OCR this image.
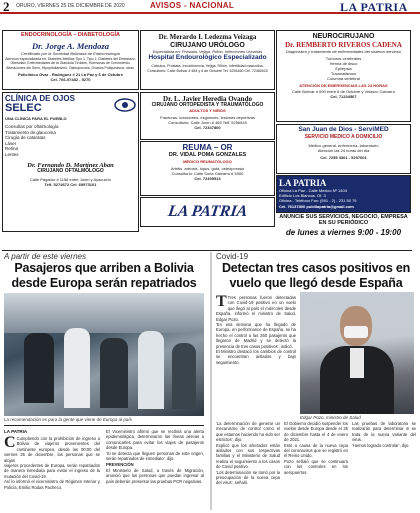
2 ORURO, VIERNES 25 DE DICIEMBRE DE 2020	AVISOS - NACIONAL	LA PATRIA
ENDOCRINOLOGÍA – DIABETOLOGÍA
Dr. Jorge A. Mendoza
Certificado por la Sociedad Boliviana de Endocrinología
Atención especializada en: Diabetes Mellitus Tipo 1, Tipo 2, Diabetes del Embarazo,
Obesidad, Enfermedades de la Glándula Tiroides, Hormonas de Crecimiento,
Alteraciones del Sexo, Hipopituitarismo, Osteoporosis, Ovarios Poliquísticos, otras.
Policlínico Ovar - Rodríguez # 21 La Paz y 6 de Octubre
Cel. 766-97482 - 5270
Dr. Merardo I. Ledezma Veizaga
CIRUJANO URÓLOGO
Especialista en: Próstata, Vejiga, Riñón, Infecciones Urinarias
Hospital Endourológico Especializado
Cálculos, Próstata, Incontinencia, Vejiga, Riñón, Infertilidad masculina.
Consultorio: Calle Bolivar # 484 y 6 de Octubre Tel. 5254460 Cel. 72480020
NEUROCIRUJANO
Dr. REMBERTO RIVEROS CADENA
Diagnóstico y tratamiento de enfermedades del sistema nervioso
Tumores cerebrales
Hernia de disco
Epilepsia
Traumatismos
Columna vertebral
ATENCIÓN DE EMERGENCIAS LAS 24 HORAS
Calle Bolívar # 690 entre 6 de Octubre y Velasco Galvarro
Cel. 71234567
CLÍNICA DE OJOS
SELEC
UNA CLÍNICA PARA EL PUEBLO
Consultas por oftalmología
Tratamiento de glaucoma
Cirugía de cataratas
Láser
Retina
Lentes
Dr. Fernando D. Martínez Aban
CIRUJANO OFTALMÓLOGO
Calle Pagador # 1156 entre Junín y Ayacucho
Telf. 5274672 Cel. 69973101
Dr. L. Javier Heredia Ovando
CIRUJANO ORTOPEDISTA Y TRAUMATÓLOGO
ADULTOS Y NIÑOS
Fracturas, luxaciones, esguinces, lesiones deportivas
Consultorio: Calle Junín # 465 Telf. 5256545
Cel. 72347800	San Juan de Dios - ServiMED
SERVICIO MEDICO A DOMICILIO
Médico general, enfermería, laboratorio
Atención las 24 horas del día
Cel. 7255 3361 - 5257001
REUMA – OR
DR. VIDAL POMA GONZALES
MÉDICO REUMATÓLOGO
Artritis, artrosis, lupus, gota, osteoporosis
Consultorio: Calle Soria Galvarro # 5300
Cel. 72495513	LA PATRIA
Oficina La Paz - Calle Mexico Nº 1403
Edificio Los Blancos, Of. 3
Oficina - Teléfono Fax: (591 - 2) - 231 50 79
Cel. 76137800 publilapatria@gmail.com
LA PATRIA	ANUNCIE SUS SERVICIOS, NEGOCIO, EMPRESA
EN SU PERIÓDICO
de lunes a viernes 9:00 - 19:00
A partir de este viernes
Pasajeros que arriben a Bolivia desde Europa serán repatriados
La recomendación es para la gente que viene de Europa al país
LA PATRIA

C Cumpliendo con la prohibición de ingreso a Bolivia de viajeros provenientes del continente europeo, desde las 00:00 del viernes 25 de diciembre, las personas que se alojan

viajeros procedentes de Europa, serán repatriados de manera inmediata para evitar el ingreso de la mutación del Covid-19.

Así lo informó el viceministro de Régimen Interior y Policía, Emilio Rodas Pacheco.

El Viceministro afirmó que se recibirá una alerta epidemiológica, determinaron las líneas aéreas a comunicarles para evitar los viajes de pasajeros desde Europa.

'Si se detecta que lleguen personas de este origen, serán repatriados de inmediato', dijo.

PREVENCIÓN

El Ministerio de Salud, a través de Migración, anunció que las personas que puedan ingresar al país deberán presentar las pruebas PCR negativas.

Covid-19
Detectan tres casos positivos en vuelo que llegó desde España

T Tres personas fueron detectadas con Covid-19 positivo en un vuelo que llegó al país el miércoles desde España, informó el ministro de Salud, Edgar Pozo.

'En esa semana que ha llegado de Europa, en performance de España, se ha hecho el control a las 260 pasajeros que llegaron de Madrid y se detectó la presencia de tres casos positivos', indicó.

El Ministro destacó los cambios de control se encuentran aislados y bajo seguimiento.

Edgar Pozo, ministro de Salud

'La determinación de generar un mecanismo de control como el que estamos haciendo ha sido ser estrictos', dijo.

Explicó que los afectados están aislados con sus respectivas familias y el Ministerio de Salud realiza el seguimiento a los casos de Covid positivo.

'Los determinación se tomó por la preocupación de la nueva cepa del virus', señaló.

El Gobierno decidió suspender los vuelos desde Europa desde el 25 de diciembre hasta el 4 de enero de 2021.

Esto a causa de la nueva cepa del coronavirus que se registró en el Reino Unido.

Pozo señaló que se continuará con los controles en los aeropuertos.

Las pruebas de laboratorio se realizarán para determinar si se trata de la nueva variante del virus.

'Hemos logrado controlar', dijo.
